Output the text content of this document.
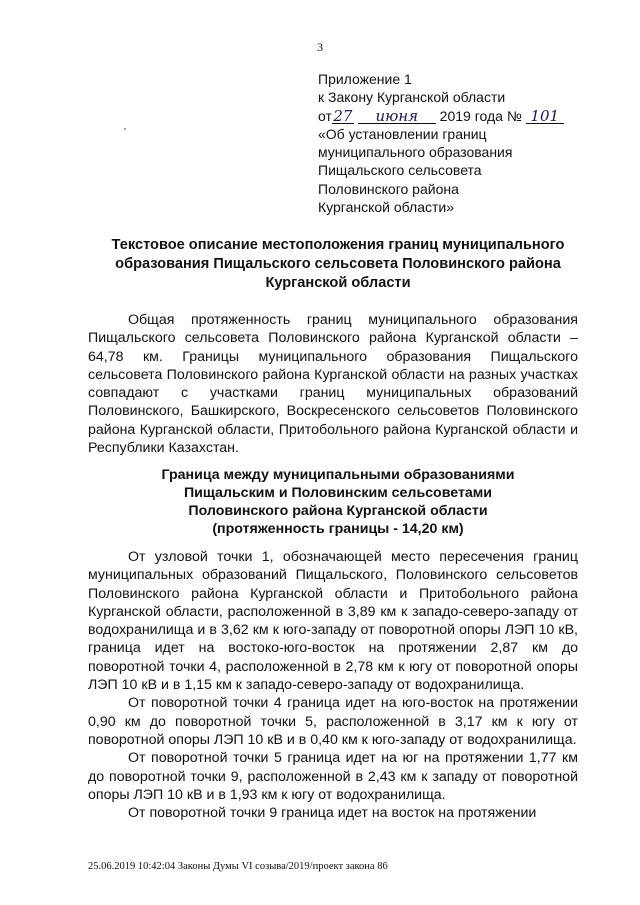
3
Приложение 1
к Закону Курганской области
от27 июня 2019 года № 101
«Об установлении границ
муниципального образования
Пищальского сельсовета
Половинского района
Курганской области»
Текстовое описание местоположения границ муниципального образования Пищальского сельсовета Половинского района Курганской области

Общая протяженность границ муниципального образования Пищальского сельсовета Половинского района Курганской области – 64,78 км. Границы муниципального образования Пищальского сельсовета Половинского района Курганской области на разных участках совпадают с участками границ муниципальных образований Половинского, Башкирского, Воскресенского сельсоветов Половинского района Курганской области, Притобольного района Курганской области и Республики Казахстан.

Граница между муниципальными образованиями
Пищальским и Половинским сельсоветами
Половинского района Курганской области
(протяженность границы - 14,20 км)

От узловой точки 1, обозначающей место пересечения границ муниципальных образований Пищальского, Половинского сельсоветов Половинского района Курганской области и Притобольного района Курганской области, расположенной в 3,89 км к западо-северо-западу от водохранилища и в 3,62 км к юго-западу от поворотной опоры ЛЭП 10 кВ, граница идет на востоко-юго-восток на протяжении 2,87 км до поворотной точки 4, расположенной в 2,78 км к югу от поворотной опоры ЛЭП 10 кВ и в 1,15 км к западо-северо-западу от водохранилища.

От поворотной точки 4 граница идет на юго-восток на протяжении 0,90 км до поворотной точки 5, расположенной в 3,17 км к югу от поворотной опоры ЛЭП 10 кВ и в 0,40 км к юго-западу от водохранилища.

От поворотной точки 5 граница идет на юг на протяжении 1,77 км до поворотной точки 9, расположенной в 2,43 км к западу от поворотной опоры ЛЭП 10 кВ и в 1,93 км к югу от водохранилища.

От поворотной точки 9 граница идет на восток на протяжении

25.06.2019 10:42:04 Законы Думы VI созыва/2019/проект закона 86
